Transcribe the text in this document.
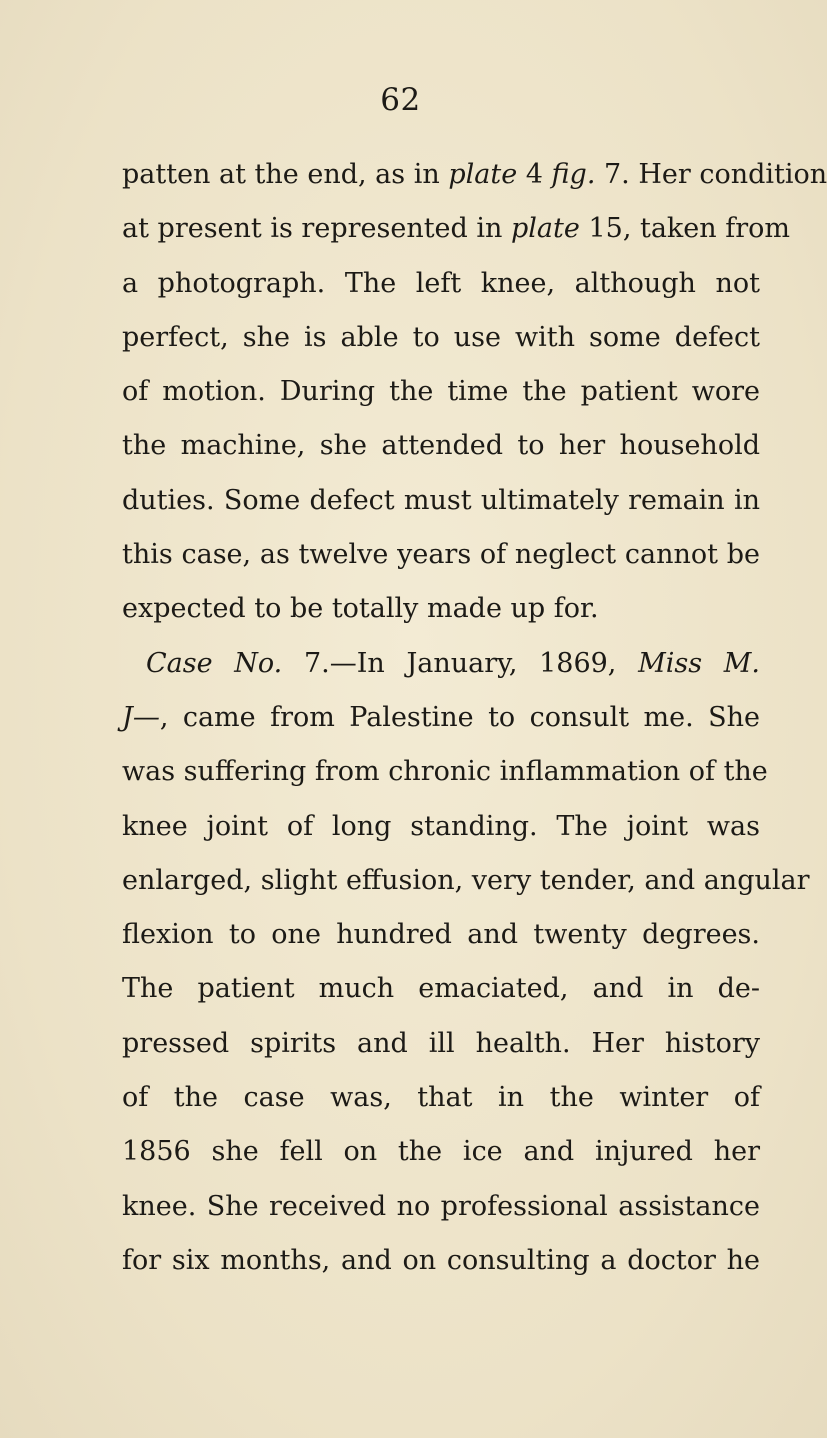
62
patten at the end, as in plate 4 fig. 7. Her condition
at present is represented in plate 15, taken from
a photograph. The left knee, although not
perfect, she is able to use with some defect
of motion. During the time the patient wore
the machine, she attended to her household
duties. Some defect must ultimately remain in
this case, as twelve years of neglect cannot be
expected to be totally made up for.
Case No. 7.—In January, 1869, Miss M.
J—, came from Palestine to consult me. She
was suffering from chronic inflammation of the
knee joint of long standing. The joint was
enlarged, slight effusion, very tender, and angular
flexion to one hundred and twenty degrees.
The patient much emaciated, and in de-
pressed spirits and ill health. Her history
of the case was, that in the winter of
1856 she fell on the ice and injured her
knee. She received no professional assistance
for six months, and on consulting a doctor he
